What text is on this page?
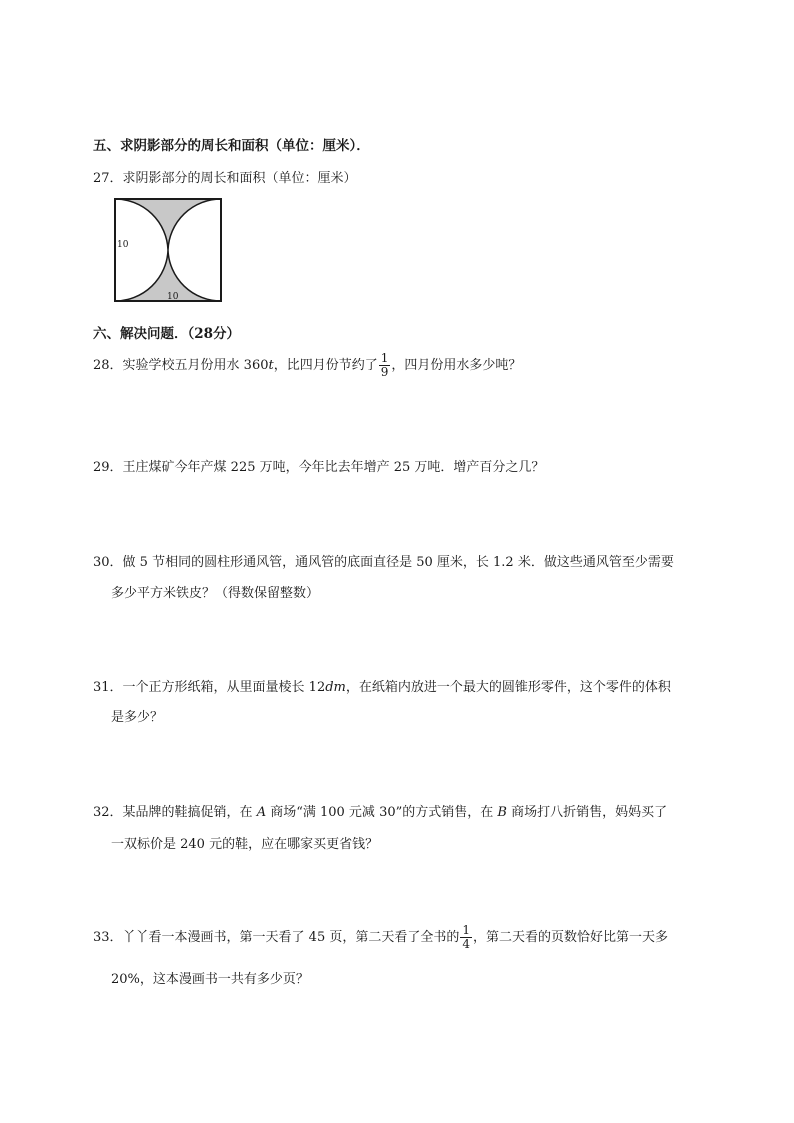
五、求阴影部分的周长和面积（单位：厘米）．
27．求阴影部分的周长和面积（单位：厘米）
10
10
六、解决问题．（28分）
28．实验学校五月份用水 360t，比四月份节约了 $\frac{1}{9}$ ，四月份用水多少吨？
29．王庄煤矿今年产煤 225 万吨，今年比去年增产 25 万吨．增产百分之几？
30．做 5 节相同的圆柱形通风管，通风管的底面直径是 50 厘米，长 1.2 米．做这些通风管至少需要
多少平方米铁皮？（得数保留整数）
31．一个正方形纸箱，从里面量棱长 12dm，在纸箱内放进一个最大的圆锥形零件，这个零件的体积
是多少？
32．某品牌的鞋搞促销，在 A 商场“满 100 元减 30”的方式销售，在 B 商场打八折销售，妈妈买了
一双标价是 240 元的鞋，应在哪家买更省钱？
33．丫丫看一本漫画书，第一天看了 45 页，第二天看了全书的 $\frac{1}{4}$ ，第二天看的页数恰好比第一天多
20%，这本漫画书一共有多少页？
